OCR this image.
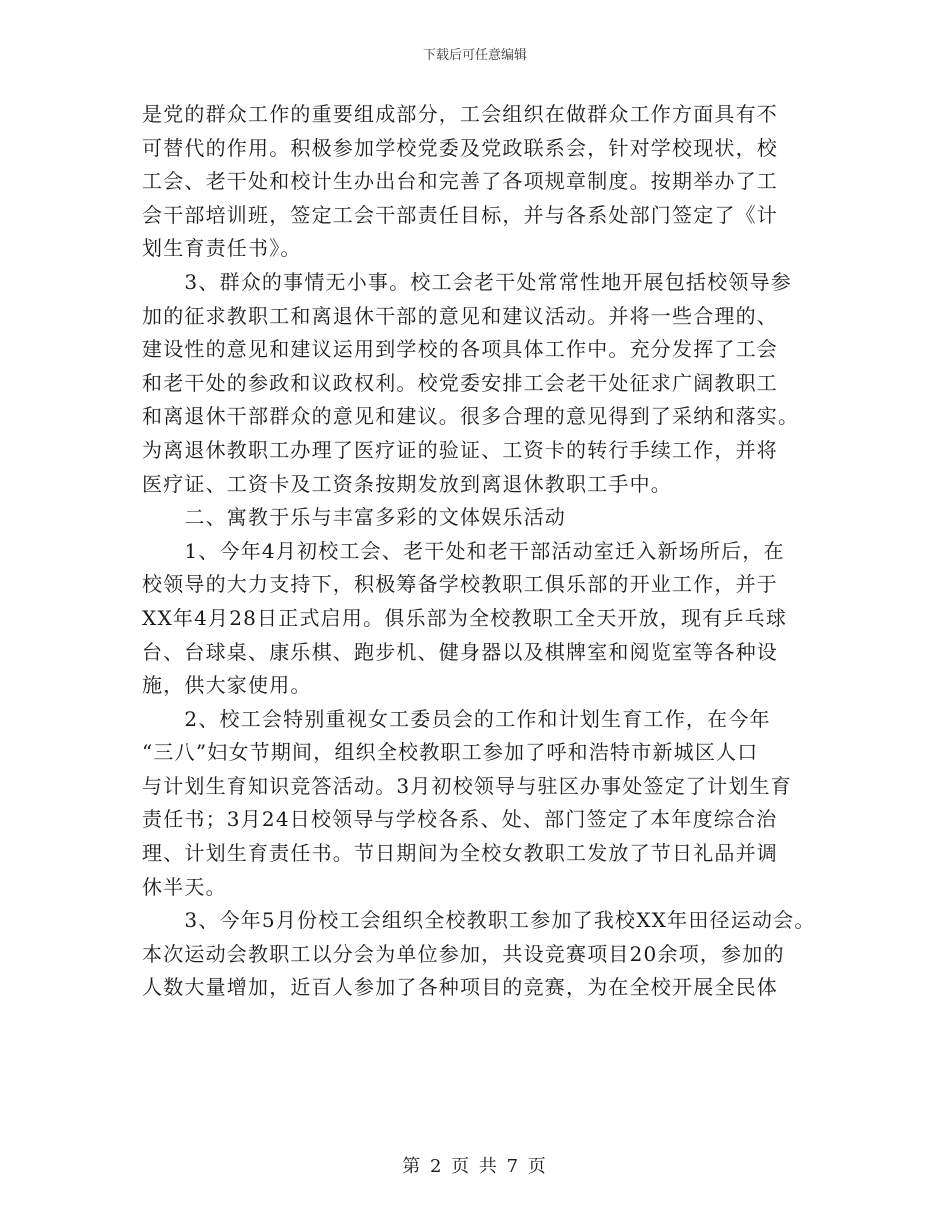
下载后可任意编辑
是党的群众工作的重要组成部分，工会组织在做群众工作方面具有不
可替代的作用。积极参加学校党委及党政联系会，针对学校现状，校
工会、老干处和校计生办出台和完善了各项规章制度。按期举办了工
会干部培训班，签定工会干部责任目标，并与各系处部门签定了《计
划生育责任书》。
　　3、群众的事情无小事。校工会老干处常常性地开展包括校领导参
加的征求教职工和离退休干部的意见和建议活动。并将一些合理的、
建设性的意见和建议运用到学校的各项具体工作中。充分发挥了工会
和老干处的参政和议政权利。校党委安排工会老干处征求广阔教职工
和离退休干部群众的意见和建议。很多合理的意见得到了采纳和落实。
为离退休教职工办理了医疗证的验证、工资卡的转行手续工作，并将
医疗证、工资卡及工资条按期发放到离退休教职工手中。
　　二、寓教于乐与丰富多彩的文体娱乐活动
　　1、今年4月初校工会、老干处和老干部活动室迁入新场所后，在
校领导的大力支持下，积极筹备学校教职工俱乐部的开业工作，并于
XX年4月28日正式启用。俱乐部为全校教职工全天开放，现有乒乓球
台、台球桌、康乐棋、跑步机、健身器以及棋牌室和阅览室等各种设
施，供大家使用。
　　2、校工会特别重视女工委员会的工作和计划生育工作，在今年
“三八”妇女节期间，组织全校教职工参加了呼和浩特市新城区人口
与计划生育知识竞答活动。3月初校领导与驻区办事处签定了计划生育
责任书；3月24日校领导与学校各系、处、部门签定了本年度综合治
理、计划生育责任书。节日期间为全校女教职工发放了节日礼品并调
休半天。
　　3、今年5月份校工会组织全校教职工参加了我校XX年田径运动会。
本次运动会教职工以分会为单位参加，共设竞赛项目20余项，参加的
人数大量增加，近百人参加了各种项目的竞赛，为在全校开展全民体
第 2 页 共 7 页
